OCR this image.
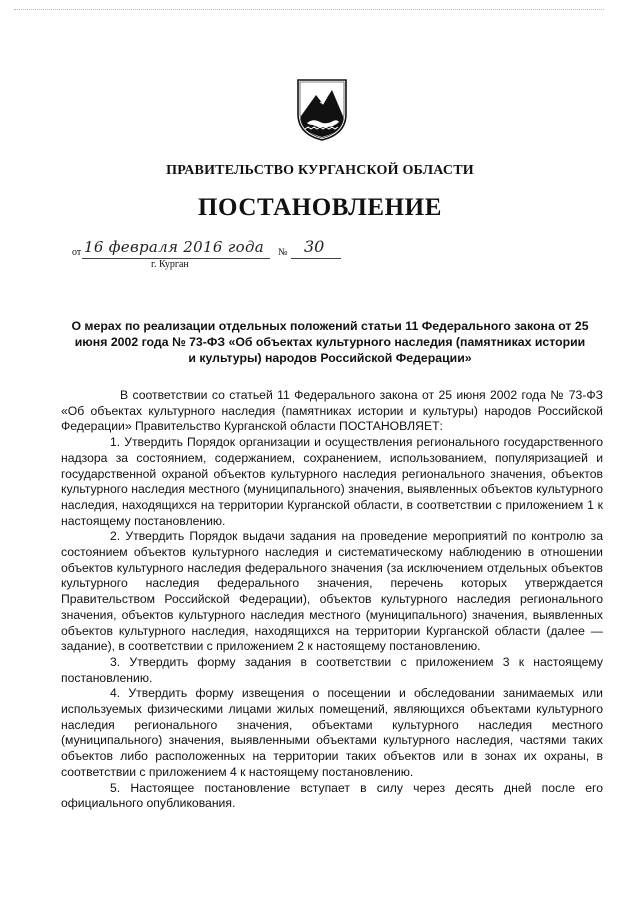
ПРАВИТЕЛЬСТВО КУРГАНСКОЙ ОБЛАСТИ
ПОСТАНОВЛЕНИЕ
от 16 февраля 2016 года № 30
г. Курган
О мерах по реализации отдельных положений статьи 11 Федерального закона от 25 июня 2002 года № 73-ФЗ «Об объектах культурного наследия (памятниках истории и культуры) народов Российской Федерации»

В соответствии со статьей 11 Федерального закона от 25 июня 2002 года № 73-ФЗ «Об объектах культурного наследия (памятниках истории и культуры) народов Российской Федерации» Правительство Курганской области ПОСТАНОВЛЯЕТ:

1. Утвердить Порядок организации и осуществления регионального государственного надзора за состоянием, содержанием, сохранением, использованием, популяризацией и государственной охраной объектов культурного наследия регионального значения, объектов культурного наследия местного (муниципального) значения, выявленных объектов культурного наследия, находящихся на территории Курганской области, в соответствии с приложением 1 к настоящему постановлению.

2. Утвердить Порядок выдачи задания на проведение мероприятий по контролю за состоянием объектов культурного наследия и систематическому наблюдению в отношении объектов культурного наследия федерального значения (за исключением отдельных объектов культурного наследия федерального значения, перечень которых утверждается Правительством Российской Федерации), объектов культурного наследия регионального значения, объектов культурного наследия местного (муниципального) значения, выявленных объектов культурного наследия, находящихся на территории Курганской области (далее — задание), в соответствии с приложением 2 к настоящему постановлению.

3. Утвердить форму задания в соответствии с приложением 3 к настоящему постановлению.

4. Утвердить форму извещения о посещении и обследовании занимаемых или используемых физическими лицами жилых помещений, являющихся объектами культурного наследия регионального значения, объектами культурного наследия местного (муниципального) значения, выявленными объектами культурного наследия, частями таких объектов либо расположенных на территории таких объектов или в зонах их охраны, в соответствии с приложением 4 к настоящему постановлению.

5. Настоящее постановление вступает в силу через десять дней после его официального опубликования.
